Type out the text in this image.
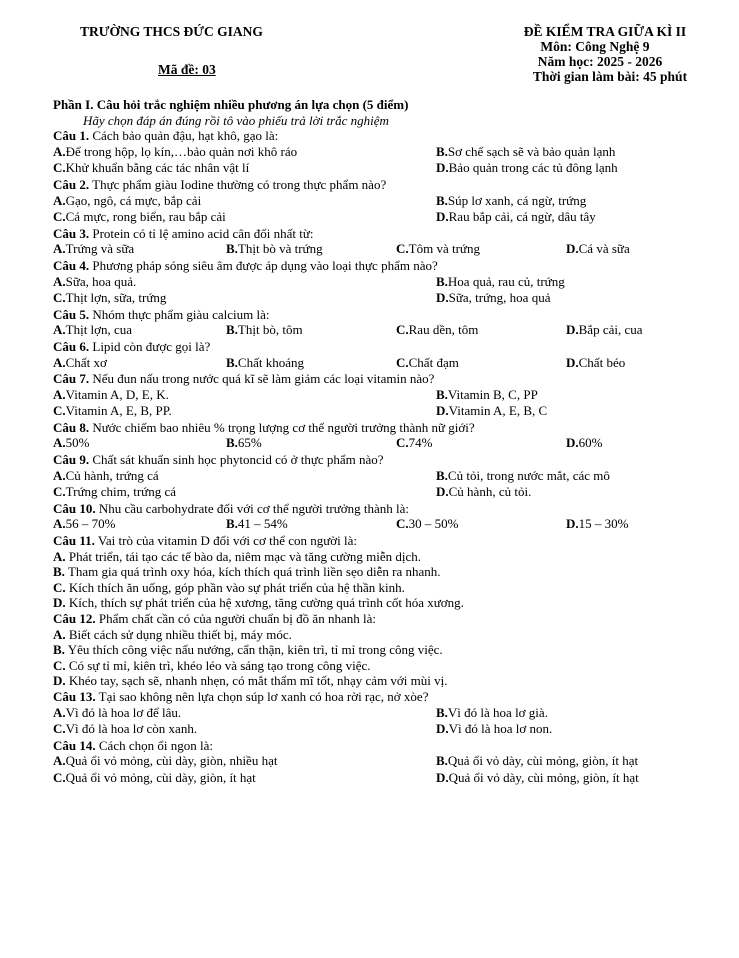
TRƯỜNG THCS ĐỨC GIANG
Mã đề: 03
ĐỀ KIỂM TRA GIỮA KÌ II
Môn: Công Nghệ 9
Năm học: 2025 - 2026
Thời gian làm bài: 45 phút
Phần I. Câu hỏi trắc nghiệm nhiều phương án lựa chọn (5 điểm)
Hãy chọn đáp án đúng rồi tô vào phiếu trả lời trắc nghiệm
Câu 1. Cách bảo quản đậu, hạt khô, gạo là:
A. Để trong hộp, lọ kín,…bảo quản nơi khô ráo	B. Sơ chế sạch sẽ và bảo quản lạnh
C. Khử khuẩn bằng các tác nhân vật lí	D. Bảo quản trong các tủ đông lạnh
Câu 2. Thực phẩm giàu Iodine thường có trong thực phẩm nào?
A. Gạo, ngô, cá mực, bắp cải	B. Súp lơ xanh, cá ngừ, trứng
C. Cá mực, rong biển, rau bắp cải	D. Rau bắp cải, cá ngừ, dâu tây
Câu 3. Protein có tỉ lệ amino acid cân đối nhất từ:
A. Trứng và sữa	B. Thịt bò và trứng	C. Tôm và trứng	D. Cá và sữa
Câu 4. Phương pháp sóng siêu âm được áp dụng vào loại thực phẩm nào?
A. Sữa, hoa quả.	B. Hoa quả, rau củ, trứng
C. Thịt lợn, sữa, trứng	D. Sữa, trứng, hoa quả
Câu 5. Nhóm thực phẩm giàu calcium là:
A. Thịt lợn, cua	B. Thịt bò, tôm	C. Rau dền, tôm	D. Bắp cải, cua
Câu 6. Lipid còn được gọi là?
A. Chất xơ	B. Chất khoáng	C. Chất đạm	D. Chất béo
Câu 7. Nếu đun nấu trong nước quá kĩ sẽ làm giảm các loại vitamin nào?
A. Vitamin A, D, E, K.	B. Vitamin B, C, PP
C. Vitamin A, E, B, PP.	D. Vitamin A, E, B, C
Câu 8. Nước chiếm bao nhiêu % trọng lượng cơ thể người trưởng thành nữ giới?
A. 50%	B. 65%	C. 74%	D. 60%
Câu 9. Chất sát khuẩn sinh học phytoncid có ở thực phẩm nào?
A. Củ hành, trứng cá	B. Củ tỏi, trong nước mắt, các mô
C. Trứng chim, trứng cá	D. Củ hành, củ tỏi.
Câu 10. Nhu cầu carbohydrate đối với cơ thể người trưởng thành là:
A. 56 – 70%	B. 41 – 54%	C. 30 – 50%	D. 15 – 30%
Câu 11. Vai trò của vitamin D đối với cơ thể con người là:
A. Phát triển, tái tạo các tế bào da, niêm mạc và tăng cường miễn dịch.
B. Tham gia quá trình oxy hóa, kích thích quá trình liền sẹo diễn ra nhanh.
C. Kích thích ăn uống, góp phần vào sự phát triển của hệ thần kinh.
D. Kích, thích sự phát triển của hệ xương, tăng cường quá trình cốt hóa xương.
Câu 12. Phẩm chất cần có của người chuẩn bị đồ ăn nhanh là:
A. Biết cách sử dụng nhiều thiết bị, máy móc.
B. Yêu thích công việc nấu nướng, cẩn thận, kiên trì, tỉ mỉ trong công việc.
C. Có sự tỉ mỉ, kiên trì, khéo léo và sáng tạo trong công việc.
D. Khéo tay, sạch sẽ, nhanh nhẹn, có mắt thẩm mĩ tốt, nhạy cảm với mùi vị.
Câu 13. Tại sao không nên lựa chọn súp lơ xanh có hoa rời rạc, nở xòe?
A. Vì đó là hoa lơ để lâu.	B. Vì đó là hoa lơ già.
C. Vì đó là hoa lơ còn xanh.	D. Vì đó là hoa lơ non.
Câu 14. Cách chọn ổi ngon là:
A. Quả ổi vỏ mỏng, cùi dày, giòn, nhiều hạt	B. Quả ổi vỏ dày, cùi mỏng, giòn, ít hạt
C. Quả ổi vỏ mỏng, cùi dày, giòn, ít hạt	D. Quả ổi vỏ dày, cùi mỏng, giòn, ít hạt
